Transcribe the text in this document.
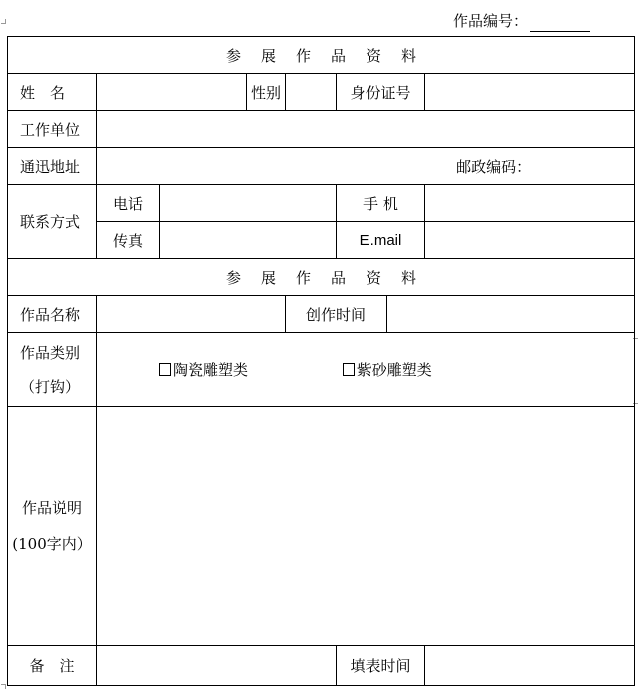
作品编号：
参展作品资料							
姓　名			性别		身份证号		
工作单位							
通迅地址	邮政编码：						
联系方式	电话				手 机		
	传真				E.mail		
参展作品资料							
作品名称				创作时间			

作品类别
（打钩）	陶瓷雕塑类 紫砂雕塑类						

作品说明
(100字内）							

备　注					填表时间		
